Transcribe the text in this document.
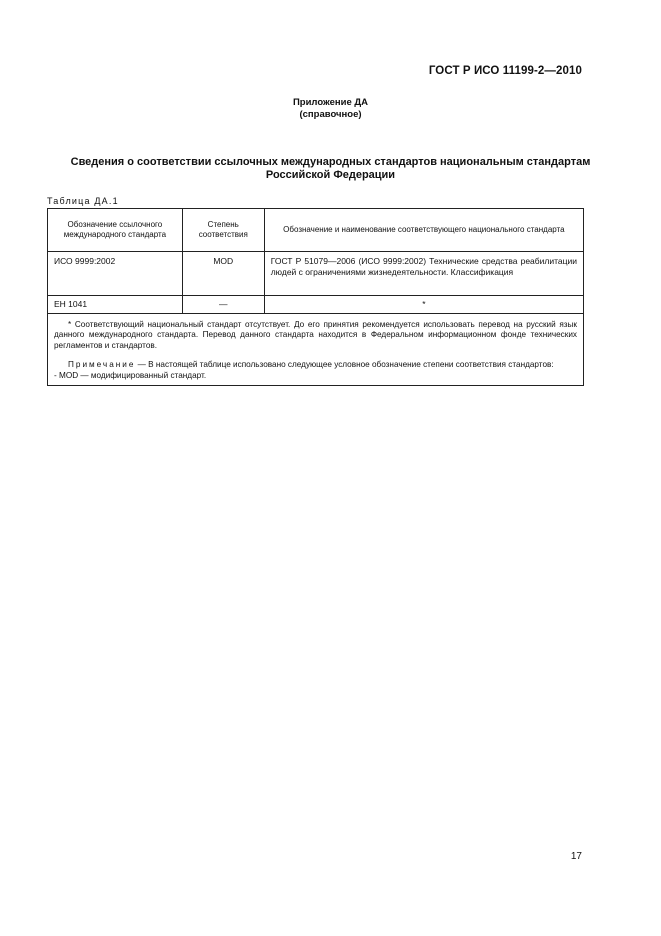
ГОСТ Р ИСО 11199-2—2010
Приложение ДА
(справочное)
Сведения о соответствии ссылочных международных стандартов национальным стандартам Российской Федерации
Таблица ДА.1
Обозначение ссылочного международного стандарта	Степень соответствия	Обозначение и наименование соответствующего национального стандарта
ИСО 9999:2002	MOD	ГОСТ Р 51079—2006 (ИСО 9999:2002) Технические средства реабилитации людей с ограничениями жизнедеятельности. Классификация
ЕН 1041	—	*

* Соответствующий национальный стандарт отсутствует. До его принятия рекомендуется использовать перевод на русский язык данного международного стандарта. Перевод данного стандарта находится в Федеральном информационном фонде технических регламентов и стандартов.
Примечание — В настоящей таблице использовано следующее условное обозначение степени соответствия стандартов:
- MOD — модифицированный стандарт.		
17
